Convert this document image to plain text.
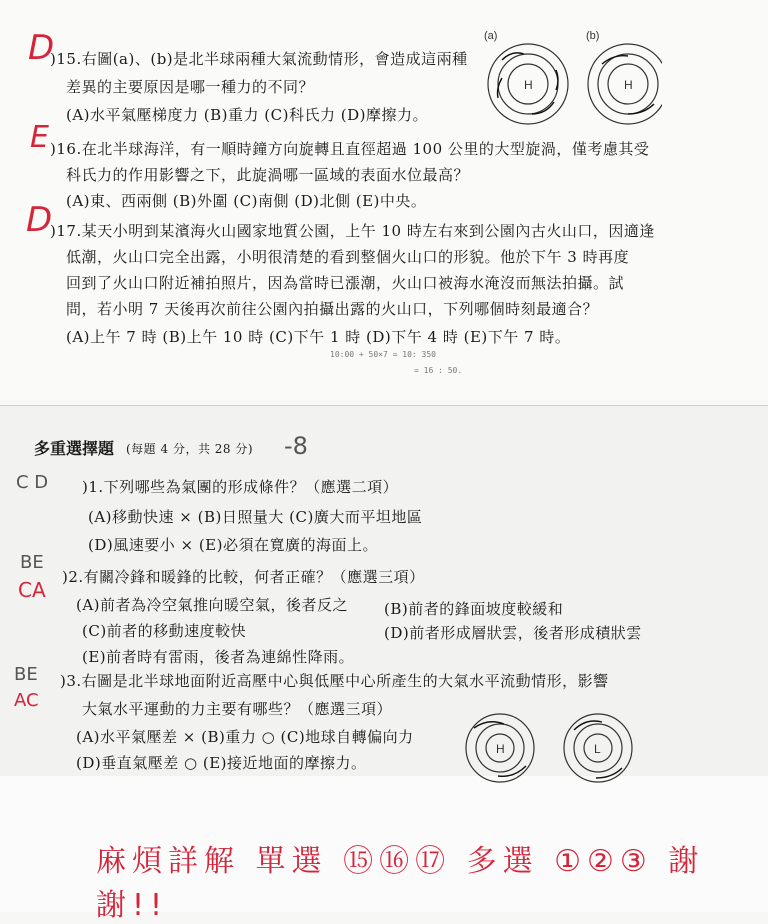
D
)15.右圖(a)、(b)是北半球兩種大氣流動情形，會造成這兩種
差異的主要原因是哪一種力的不同？
(A)水平氣壓梯度力 (B)重力 (C)科氏力 (D)摩擦力。
(a)	(b)
H	H
E )16.在北半球海洋，有一順時鐘方向旋轉且直徑超過 100 公里的大型旋渦，僅考慮其受
科氏力的作用影響之下，此旋渦哪一區域的表面水位最高？
(A)東、西兩側 (B)外圍 (C)南側 (D)北側 (E)中央。
D
)17.某天小明到某濱海火山國家地質公園，上午 10 時左右來到公園內古火山口，因適逢
低潮，火山口完全出露，小明很清楚的看到整個火山口的形貌。他於下午 3 時再度
回到了火山口附近補拍照片，因為當時已漲潮，火山口被海水淹沒而無法拍攝。試
問，若小明 7 天後再次前往公園內拍攝出露的火山口，下列哪個時刻最適合？
(A)上午 7 時 (B)上午 10 時 (C)下午 1 時 (D)下午 4 時 (E)下午 7 時。
10:00 + 50×7 = 10: 350
= 16 : 50.
多重選擇題 (每題 4 分，共 28 分) -8
C D )1.下列哪些為氣團的形成條件？（應選二項）
(A)移動快速 × (B)日照量大 (C)廣大而平坦地區
(D)風速要小 × (E)必須在寬廣的海面上。
BE
CA
)2.有關冷鋒和暖鋒的比較，何者正確？（應選三項）
(A)前者為冷空氣推向暖空氣，後者反之 (B)前者的鋒面坡度較緩和
(C)前者的移動速度較快	(D)前者形成層狀雲，後者形成積狀雲
(E)前者時有雷雨，後者為連綿性降雨。
BE
AC
)3.右圖是北半球地面附近高壓中心與低壓中心所產生的大氣水平流動情形，影響
大氣水平運動的力主要有哪些？（應選三項）
(A)水平氣壓差 × (B)重力 ○ (C)地球自轉偏向力
(D)垂直氣壓差 ○ (E)接近地面的摩擦力。
H	L
麻煩詳解 單選 ⑮⑯⑰ 多選 ①②③ 謝謝!!
